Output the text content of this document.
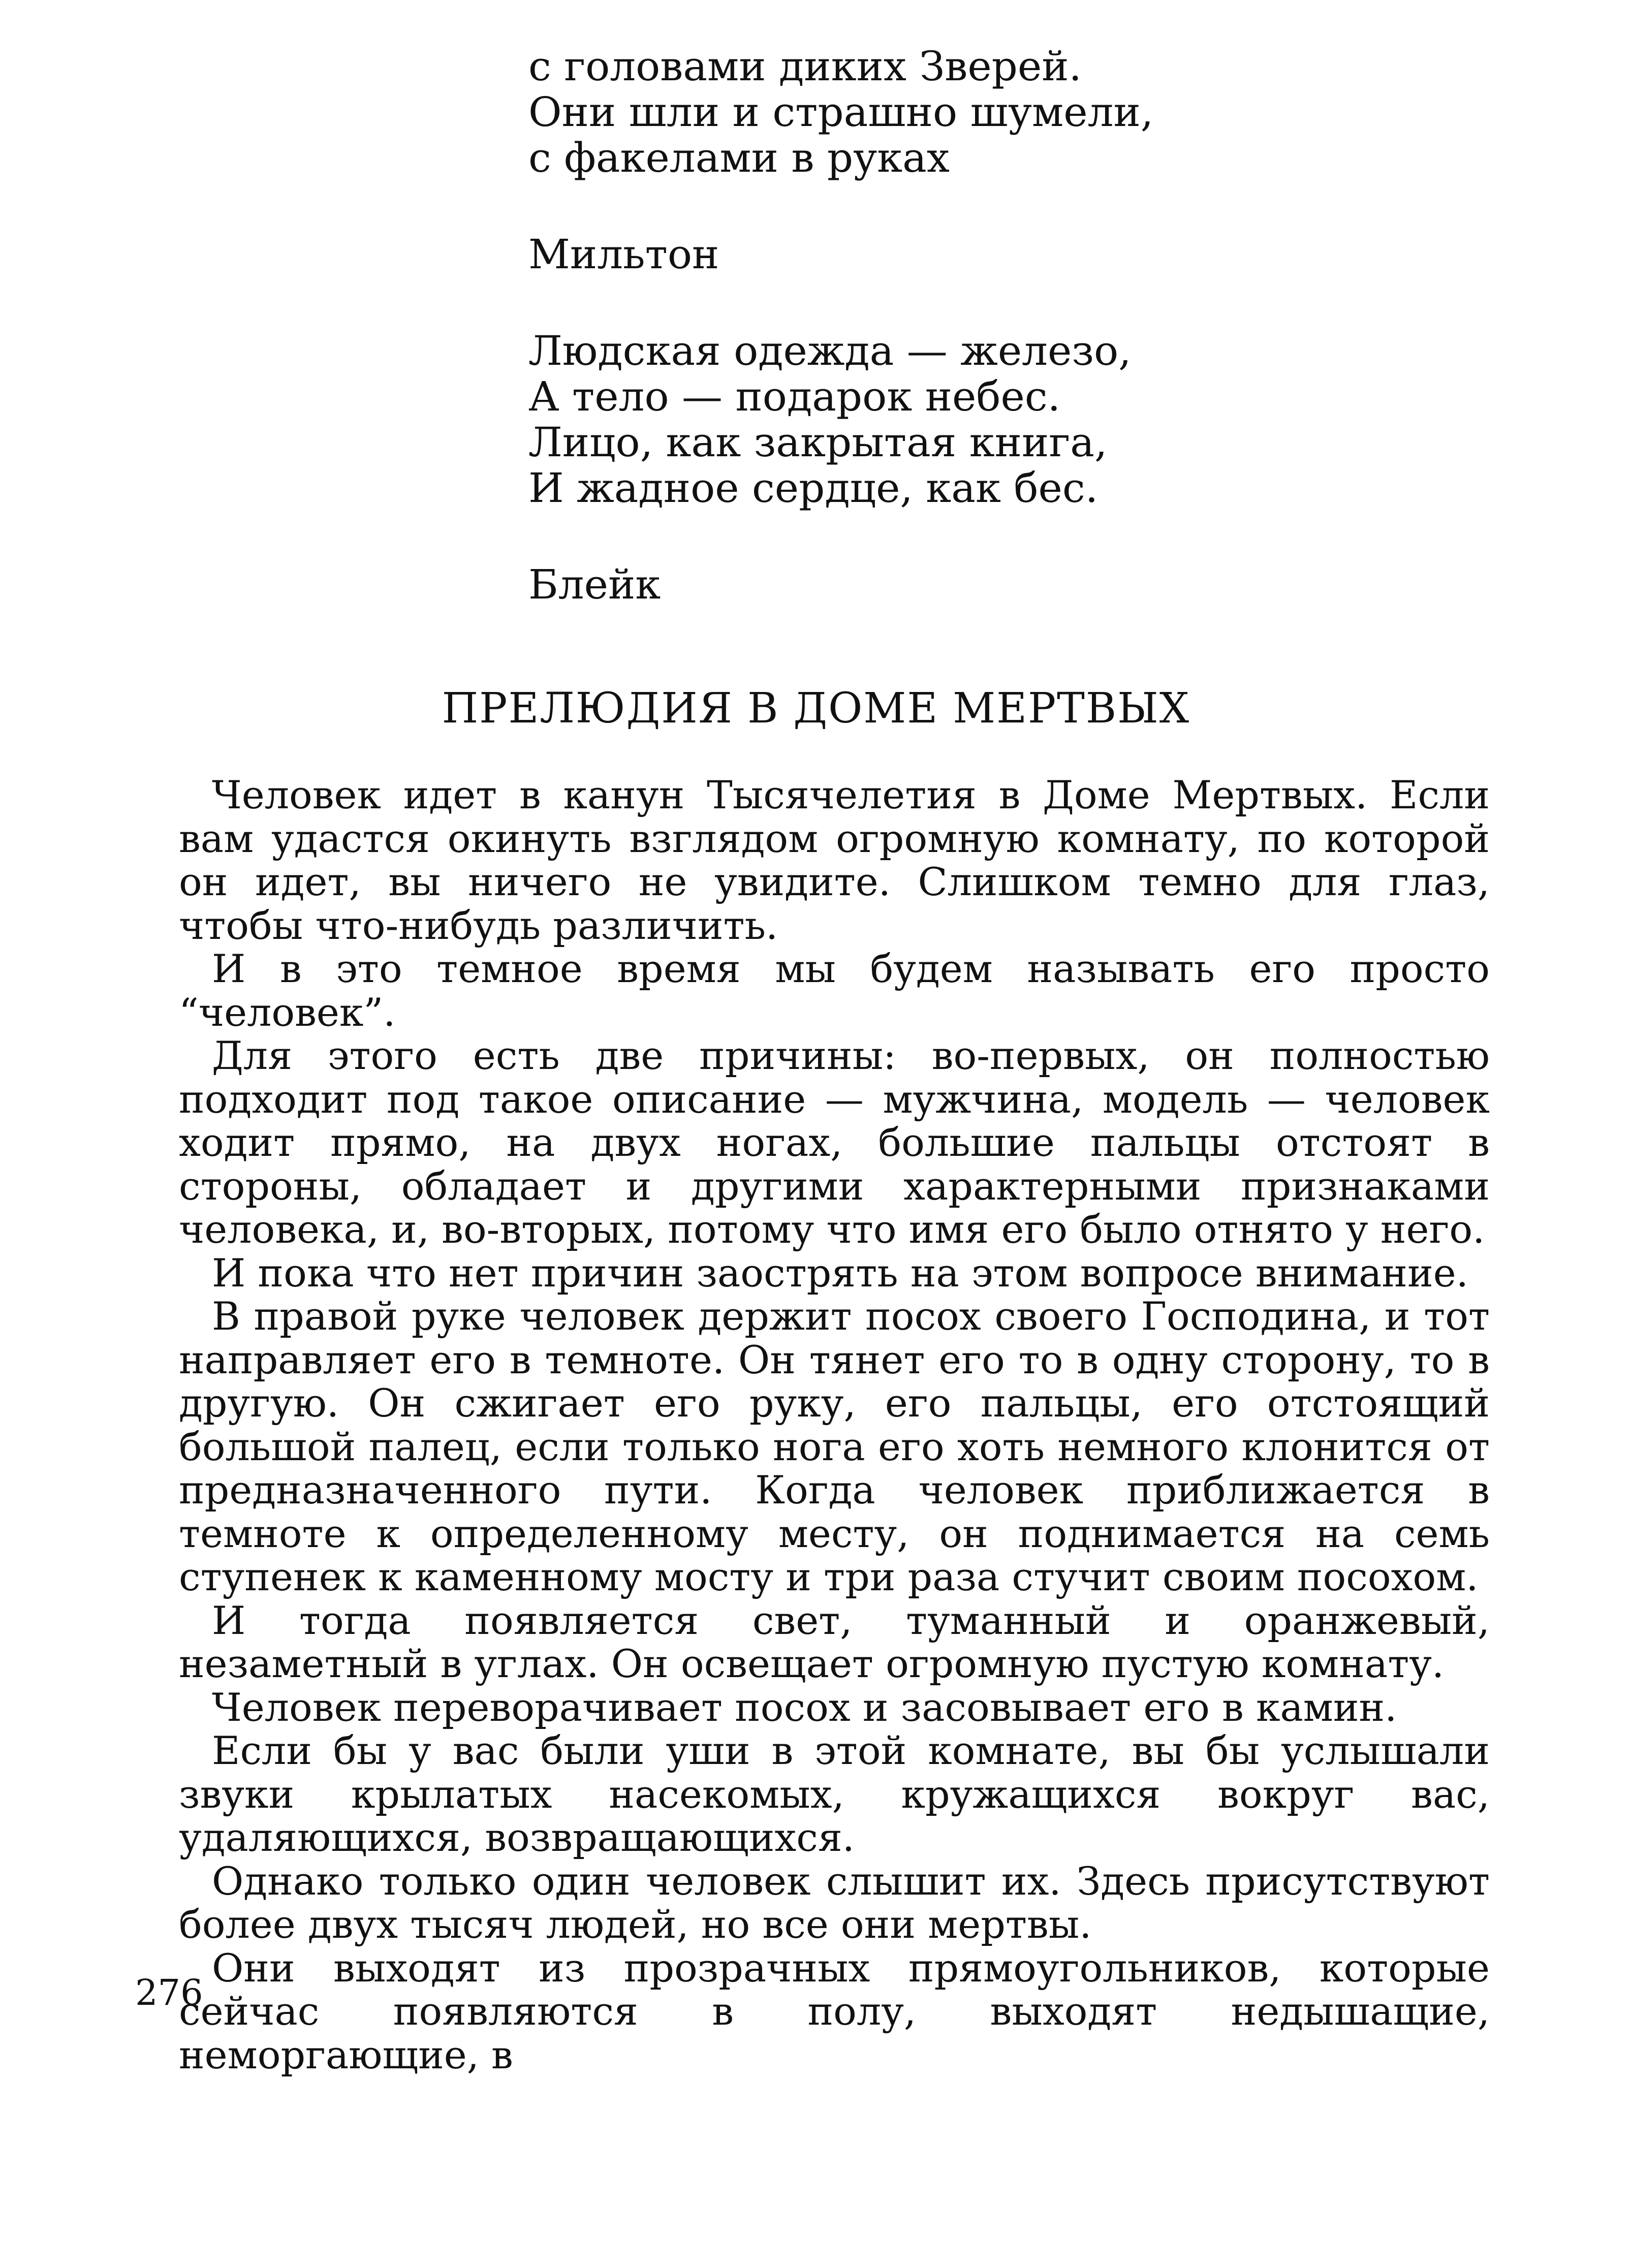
с головами диких Зверей.
Они шли и страшно шумели,
с факелами в руках
Мильтон
Людская одежда — железо,
А тело — подарок небес.
Лицо, как закрытая книга,
И жадное сердце, как бес.
Блейк
ПРЕЛЮДИЯ В ДОМЕ МЕРТВЫХ

Человек идет в канун Тысячелетия в Доме Мертвых. Если вам удастся окинуть взглядом огромную комнату, по которой он идет, вы ничего не увидите. Слишком темно для глаз, чтобы что-нибудь различить.

И в это темное время мы будем называть его просто “человек”.

Для этого есть две причины: во-первых, он полностью подходит под такое описание — мужчина, модель — человек ходит прямо, на двух ногах, большие пальцы отстоят в стороны, обладает и другими характерными признаками человека, и, во-вторых, потому что имя его было отнято у него.

И пока что нет причин заострять на этом вопросе внимание.

В правой руке человек держит посох своего Господина, и тот направляет его в темноте. Он тянет его то в одну сторону, то в другую. Он сжигает его руку, его пальцы, его отстоящий большой палец, если только нога его хоть немного клонится от предназначенного пути. Когда человек приближается в темноте к определенному месту, он поднимается на семь ступенек к каменному мосту и три раза стучит своим посохом.

И тогда появляется свет, туманный и оранжевый, незаметный в углах. Он освещает огромную пустую комнату.

Человек переворачивает посох и засовывает его в камин.

Если бы у вас были уши в этой комнате, вы бы услышали звуки крылатых насекомых, кружащихся вокруг вас, удаляющихся, возвращающихся.

Однако только один человек слышит их. Здесь присутствуют более двух тысяч людей, но все они мертвы.

Они выходят из прозрачных прямоугольников, которые сейчас появляются в полу, выходят недышащие, неморгающие, в

276
